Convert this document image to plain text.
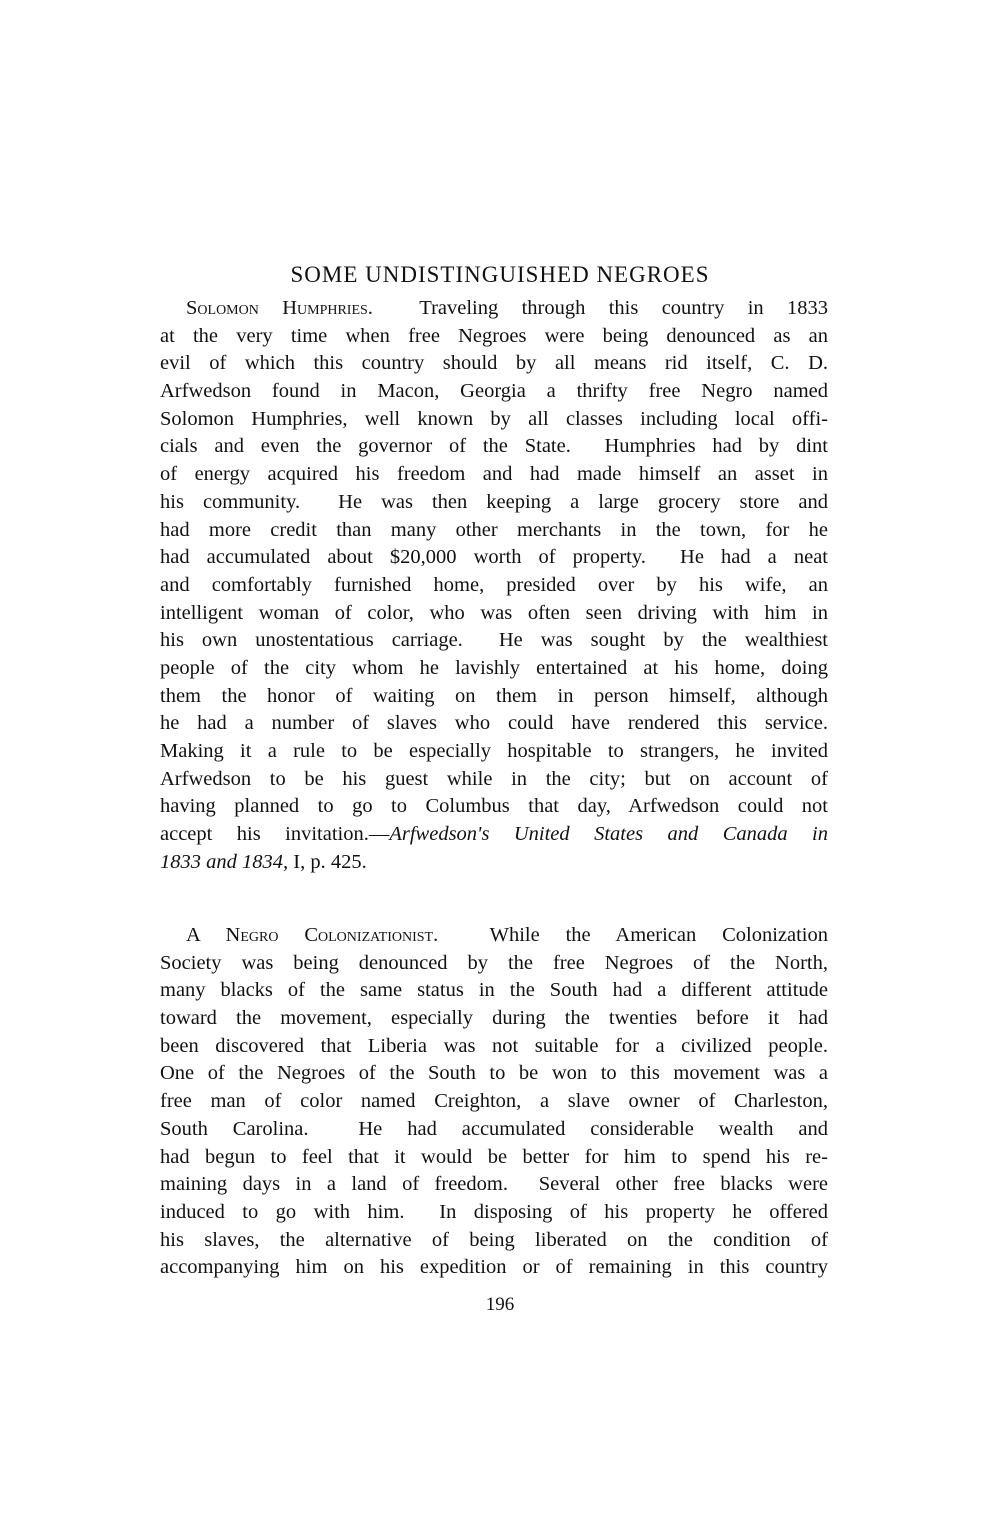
SOME UNDISTINGUISHED NEGROES
Solomon Humphries.  Traveling through this country in 1833
at the very time when free Negroes were being denounced as an
evil of which this country should by all means rid itself, C. D.
Arfwedson found in Macon, Georgia a thrifty free Negro named
Solomon Humphries, well known by all classes including local offi-
cials and even the governor of the State.  Humphries had by dint
of energy acquired his freedom and had made himself an asset in
his community.  He was then keeping a large grocery store and
had more credit than many other merchants in the town, for he
had accumulated about $20,000 worth of property.  He had a neat
and comfortably furnished home, presided over by his wife, an
intelligent woman of color, who was often seen driving with him in
his own unostentatious carriage.  He was sought by the wealthiest
people of the city whom he lavishly entertained at his home, doing
them the honor of waiting on them in person himself, although
he had a number of slaves who could have rendered this service.
Making it a rule to be especially hospitable to strangers, he invited
Arfwedson to be his guest while in the city; but on account of
having planned to go to Columbus that day, Arfwedson could not
accept his invitation.—Arfwedson's United States and Canada in
1833 and 1834, I, p. 425.
A Negro Colonizationist.  While the American Colonization
Society was being denounced by the free Negroes of the North,
many blacks of the same status in the South had a different attitude
toward the movement, especially during the twenties before it had
been discovered that Liberia was not suitable for a civilized people.
One of the Negroes of the South to be won to this movement was a
free man of color named Creighton, a slave owner of Charleston,
South Carolina.  He had accumulated considerable wealth and
had begun to feel that it would be better for him to spend his re-
maining days in a land of freedom.  Several other free blacks were
induced to go with him.  In disposing of his property he offered
his slaves, the alternative of being liberated on the condition of
accompanying him on his expedition or of remaining in this country
196
